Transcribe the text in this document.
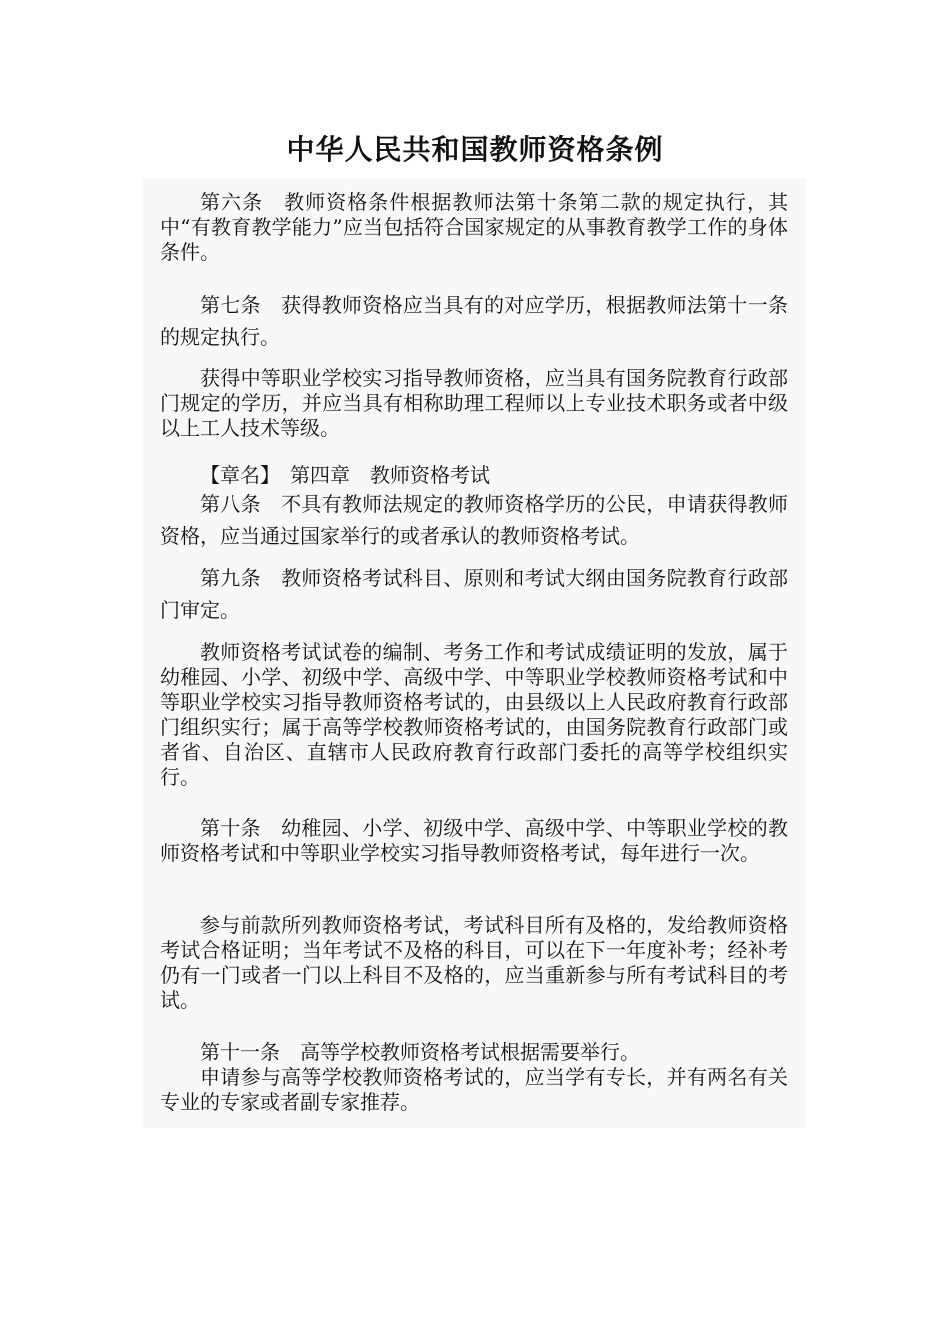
中华人民共和国教师资格条例

第六条　教师资格条件根据教师法第十条第二款的规定执行，其中“有教育教学能力”应当包括符合国家规定的从事教育教学工作的身体条件。

第七条　获得教师资格应当具有的对应学历，根据教师法第十一条的规定执行。

获得中等职业学校实习指导教师资格，应当具有国务院教育行政部门规定的学历，并应当具有相称助理工程师以上专业技术职务或者中级以上工人技术等级。

【章名】　第四章　教师资格考试

第八条　不具有教师法规定的教师资格学历的公民，申请获得教师资格，应当通过国家举行的或者承认的教师资格考试。

第九条　教师资格考试科目、原则和考试大纲由国务院教育行政部门审定。

教师资格考试试卷的编制、考务工作和考试成绩证明的发放，属于幼稚园、小学、初级中学、高级中学、中等职业学校教师资格考试和中等职业学校实习指导教师资格考试的，由县级以上人民政府教育行政部门组织实行；属于高等学校教师资格考试的，由国务院教育行政部门或者省、自治区、直辖市人民政府教育行政部门委托的高等学校组织实行。

第十条　幼稚园、小学、初级中学、高级中学、中等职业学校的教师资格考试和中等职业学校实习指导教师资格考试，每年进行一次。

参与前款所列教师资格考试，考试科目所有及格的，发给教师资格考试合格证明；当年考试不及格的科目，可以在下一年度补考；经补考仍有一门或者一门以上科目不及格的，应当重新参与所有考试科目的考试。

第十一条　高等学校教师资格考试根据需要举行。

申请参与高等学校教师资格考试的，应当学有专长，并有两名有关专业的专家或者副专家推荐。
